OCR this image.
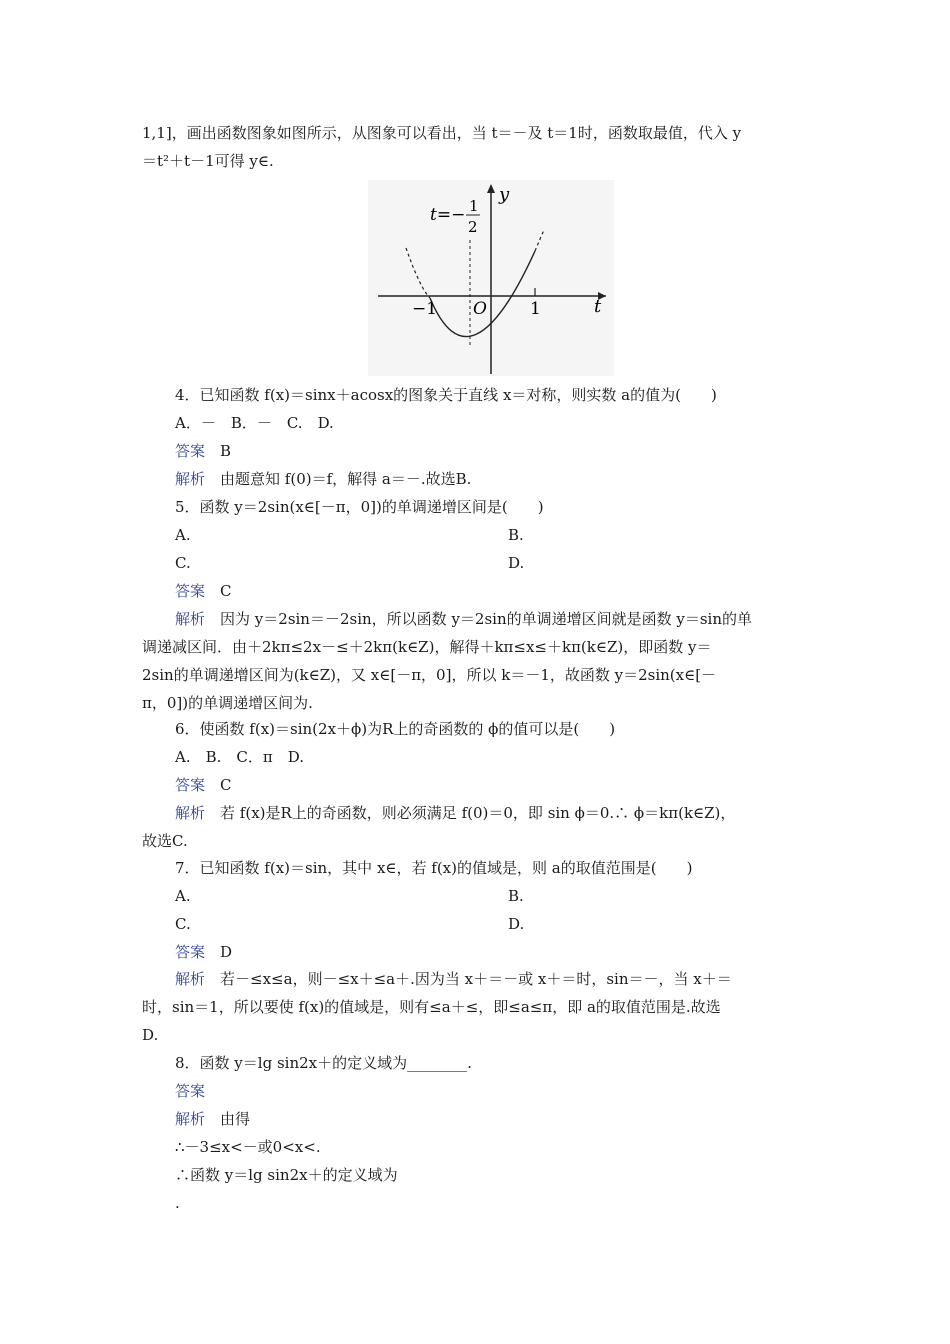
1,1]，画出函数图象如图所示，从图象可以看出，当 t＝－及 t＝1时，函数取最值，代入 y
＝t²＋t－1可得 y∈.
y
t
O
−1	1
t=− 1
2
4．已知函数 f(x)＝sinx＋acosx的图象关于直线 x＝对称，则实数 a的值为(　　)
A．－　B．－　C.　D.
答案　 B
解析　 由题意知 f(0)＝f，解得 a＝－.故选B.
5．函数 y＝2sin(x∈[－π，0])的单调递增区间是(　　)
A.	B.
C.	D.
答案　 C
解析　 因为 y＝2sin＝－2sin，所以函数 y＝2sin的单调递增区间就是函数 y＝sin的单
调递减区间．由＋2kπ≤2x－≤＋2kπ(k∈Z)，解得＋kπ≤x≤＋kπ(k∈Z)，即函数 y＝
2sin的单调递增区间为(k∈Z)，又 x∈[－π，0]，所以 k＝－1，故函数 y＝2sin(x∈[－
π，0])的单调递增区间为.
6．使函数 f(x)＝sin(2x＋ϕ)为R上的奇函数的 ϕ的值可以是(　　)
A.　B.　C．π　D.
答案　 C
解析　 若 f(x)是R上的奇函数，则必须满足 f(0)＝0，即 sin ϕ＝0.∴ ϕ＝kπ(k∈Z)，
故选C.
7．已知函数 f(x)＝sin，其中 x∈，若 f(x)的值域是，则 a的取值范围是(　　)
A.	B.
C.	D.
答案　 D
解析　 若－≤x≤a，则－≤x＋≤a＋.因为当 x＋＝－或 x＋＝时，sin＝－，当 x＋＝
时，sin＝1，所以要使 f(x)的值域是，则有≤a＋≤，即≤a≤π，即 a的取值范围是.故选
D.
8．函数 y＝lg sin2x＋的定义域为________.
答案
解析　 由得
∴－3≤x<－或0<x<.
∴函数 y＝lg sin2x＋的定义域为
.
